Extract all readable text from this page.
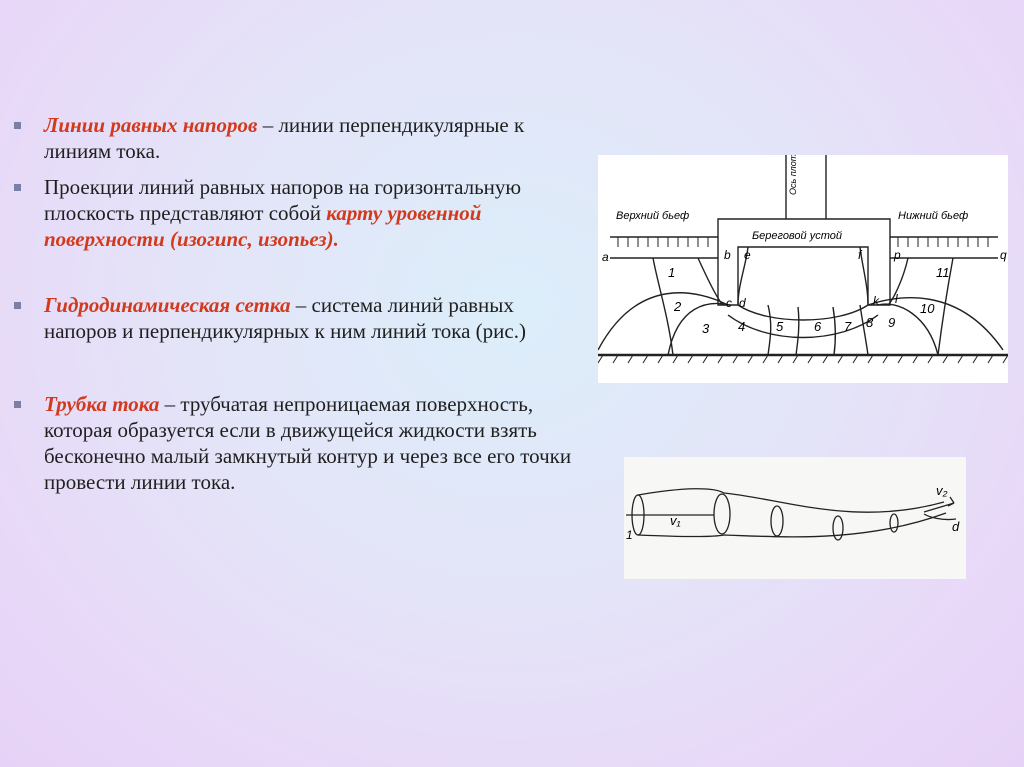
Линии равных напоров – линии перпендикулярные к линиям тока.
Проекции линий равных напоров на горизонтальную плоскость представляют собой карту уровенной поверхности (изогипс, изопьез).
Гидродинамическая сетка – система линий равных напоров и перпендикулярных к ним линий тока (рис.)
Трубка тока – трубчатая непроницаемая поверхность, которая образуется если в движущейся жидкости взять бесконечно малый замкнутый контур и через все его точки провести линии тока.
Верхний бьеф	Нижний бьеф
Береговой устой
Ось плотины
a	q
b e	f	p
c d	k l
1
2
3 4 5 6 7 8 9
10
11
v₁
v₂
d
1
